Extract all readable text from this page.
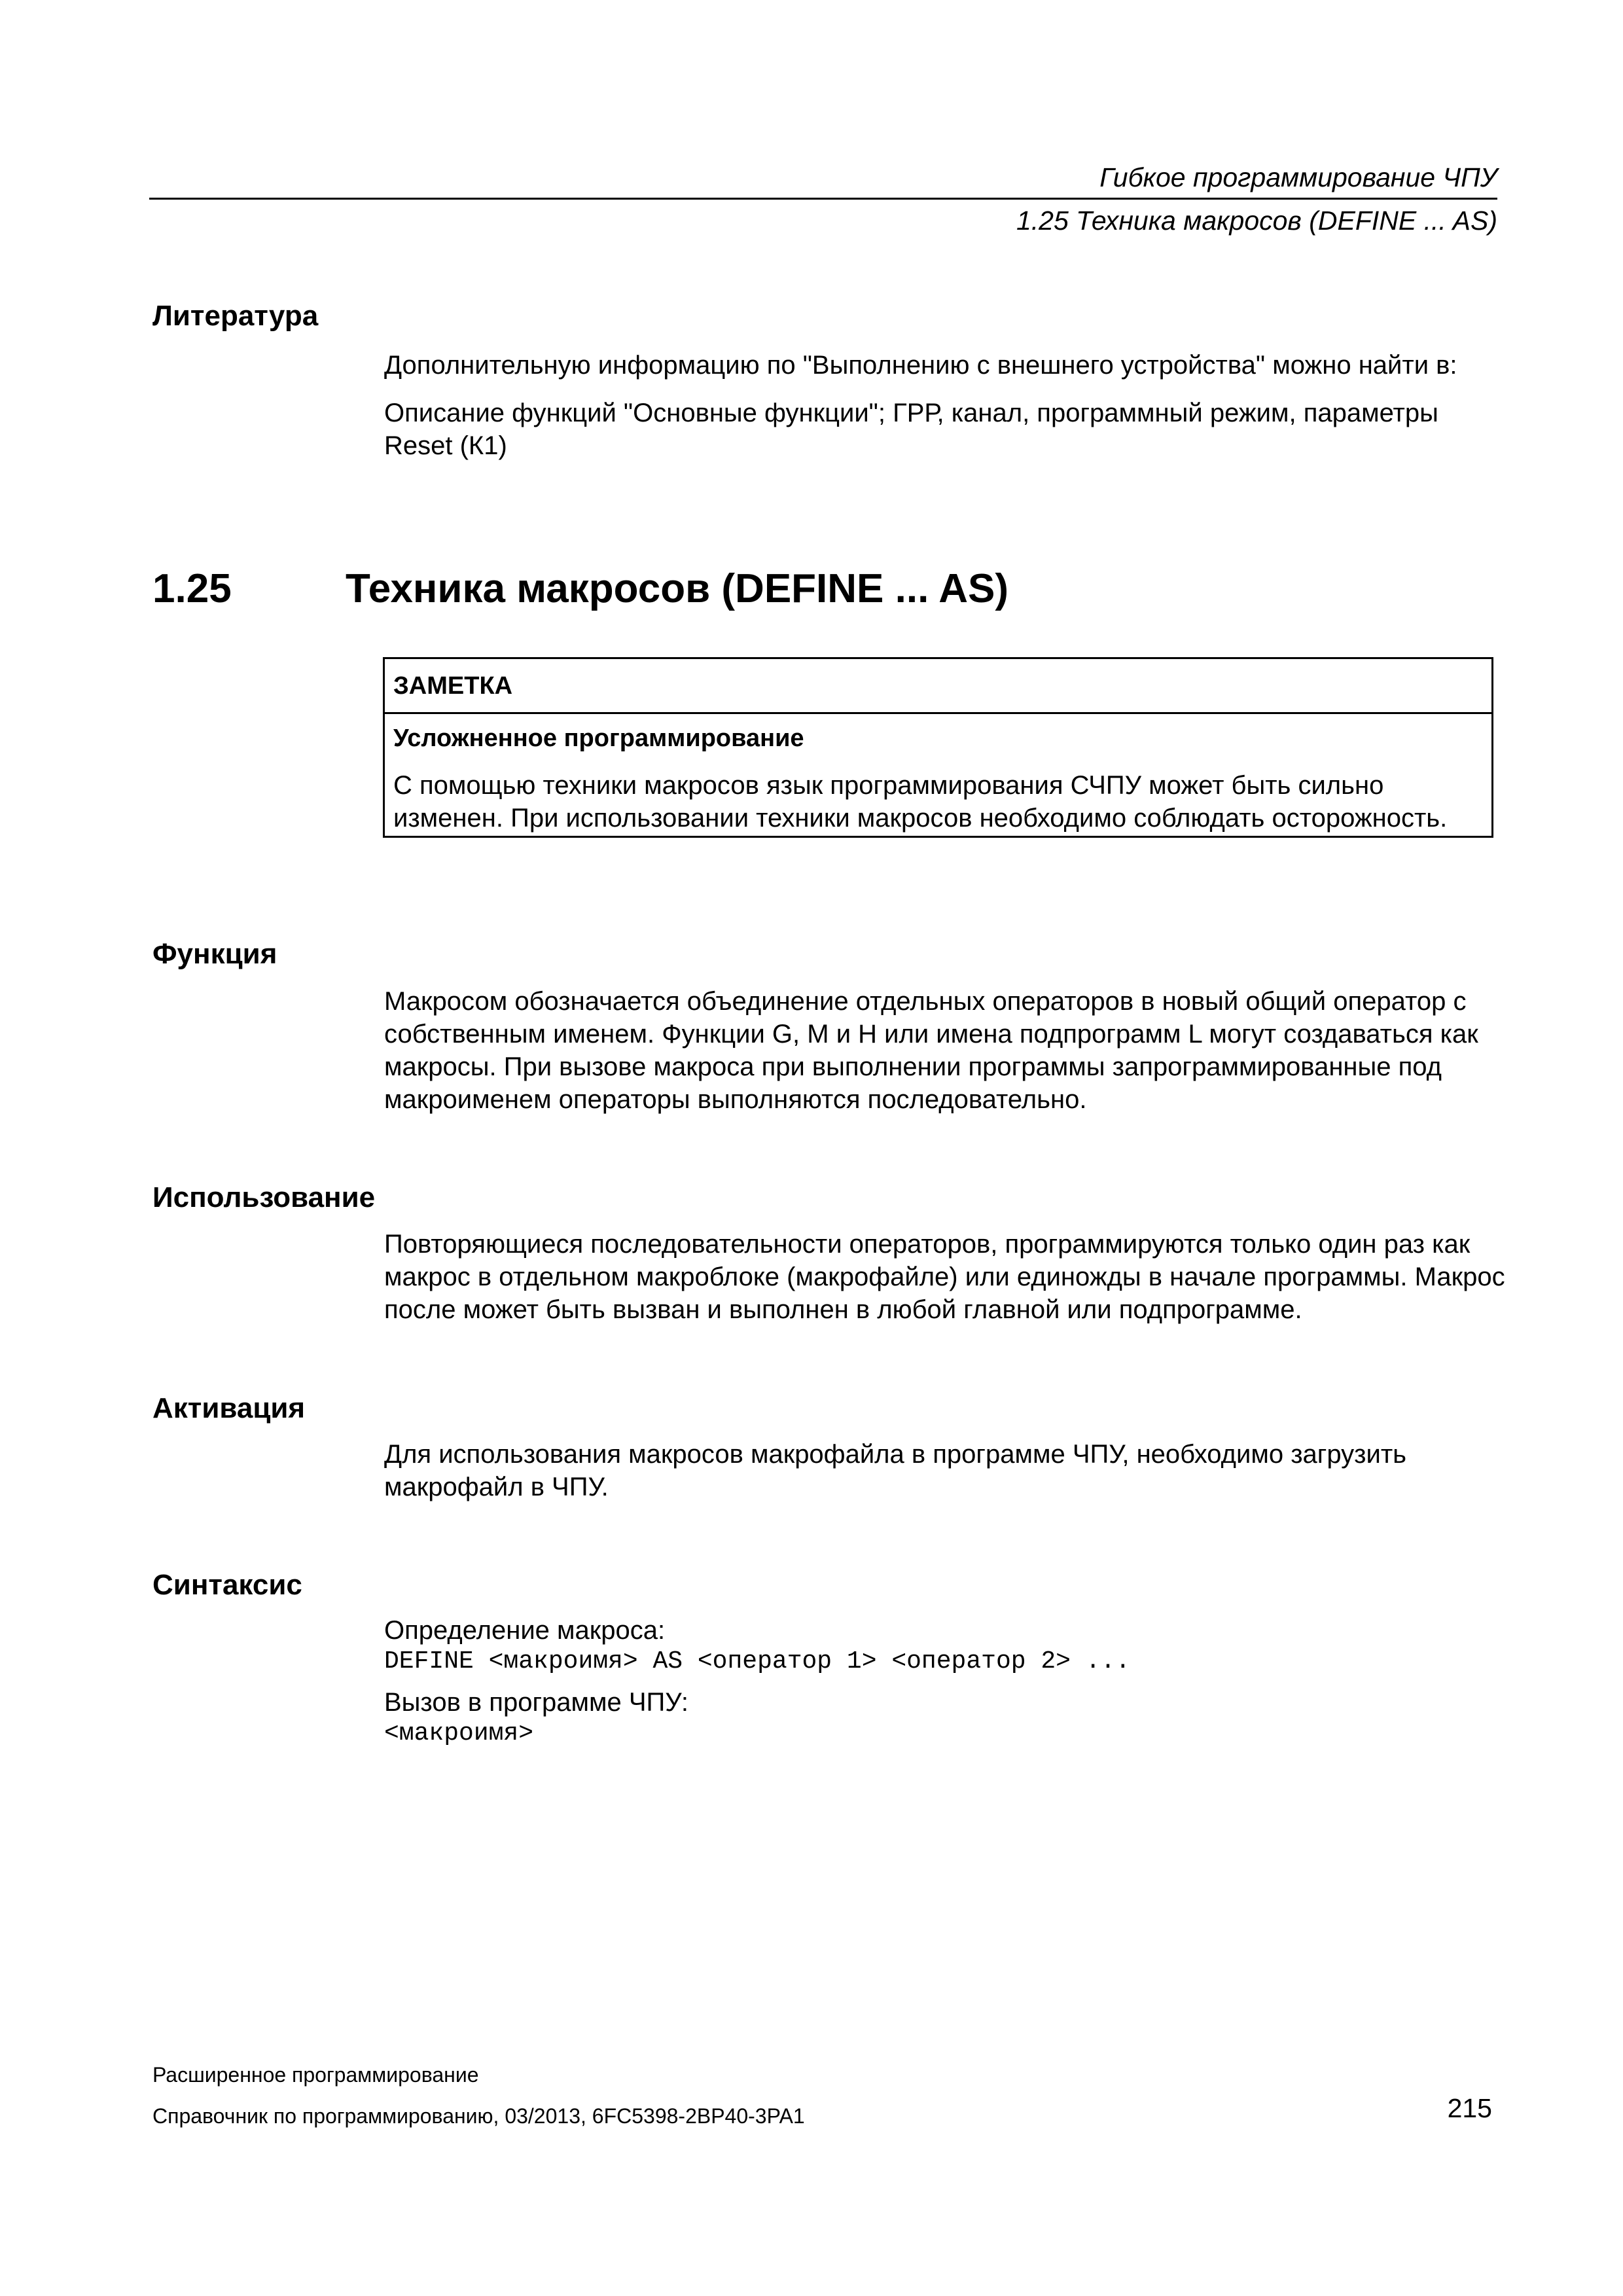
Гибкое программирование ЧПУ
1.25 Техника макросов (DEFINE ... AS)
Литература

Дополнительную информацию по "Выполнению с внешнего устройства" можно найти в:

Описание функций "Основные функции"; ГРР, канал, программный режим, параметры Reset (К1)

1.25	Техника макросов (DEFINE ... AS)
ЗАМЕТКА
Усложненное программирование
С помощью техники макросов язык программирования СЧПУ может быть сильно изменен. При использовании техники макросов необходимо соблюдать осторожность.
Функция
Макросом обозначается объединение отдельных операторов в новый общий оператор с собственным именем. Функции G, M и H или имена подпрограмм L могут создаваться как макросы. При вызове макроса при выполнении программы запрограммированные под макроименем операторы выполняются последовательно.
Использование
Повторяющиеся последовательности операторов, программируются только один раз как макрос в отдельном макроблоке (макрофайле) или единожды в начале программы. Макрос после может быть вызван и выполнен в любой главной или подпрограмме.
Активация
Для использования макросов макрофайла в программе ЧПУ, необходимо загрузить макрофайл в ЧПУ.
Синтаксис

Определение макроса:

DEFINE <макроимя> AS <оператор 1> <оператор 2> ...

Вызов в программе ЧПУ:

<макроимя>

Расширенное программирование
Справочник по программированию, 03/2013, 6FC5398-2BP40-3PA1	215
